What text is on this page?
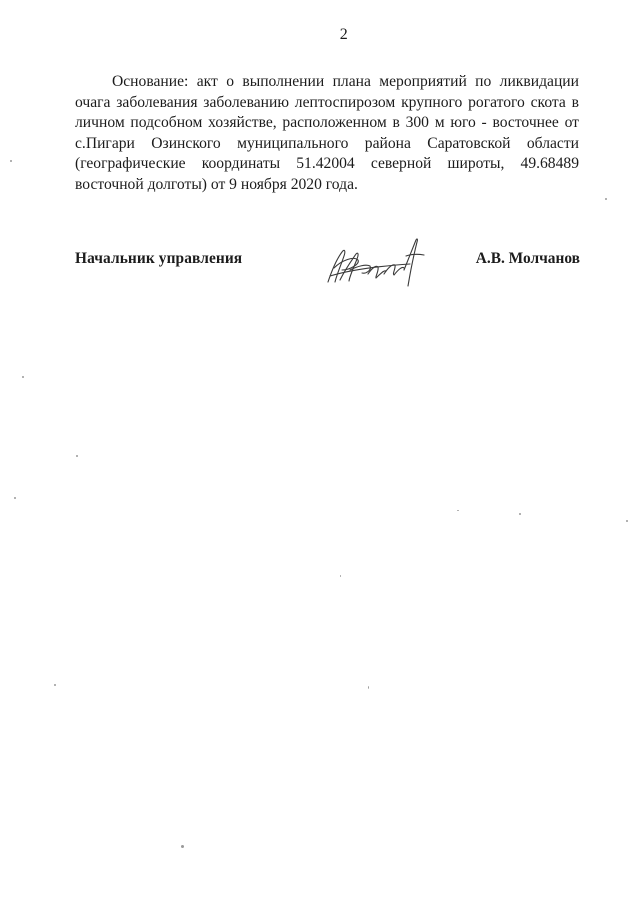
2

Основание: акт о выполнении плана мероприятий по ликвидации очага заболевания заболеванию лептоспирозом крупного рогатого скота в личном подсобном хозяйстве, расположенном в 300 м юго - восточнее от с.Пигари Озинского муниципального района Саратовской области (географические координаты 51.42004 северной широты, 49.68489 восточной долготы) от 9 ноября 2020 года.

Начальник управления	А.В. Молчанов
